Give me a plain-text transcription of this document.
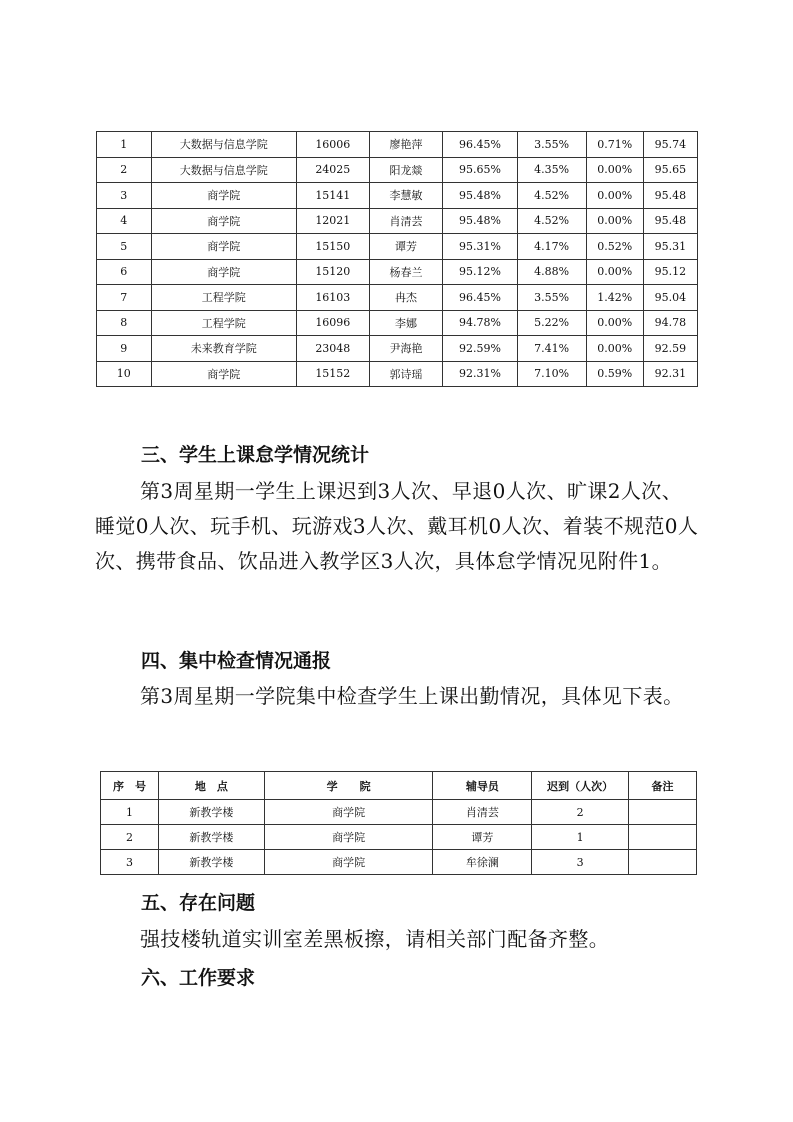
1	大数据与信息学院	16006	廖艳萍	96.45%	3.55%	0.71%	95.74
2	大数据与信息学院	24025	阳龙燚	95.65%	4.35%	0.00%	95.65
3	商学院	15141	李慧敏	95.48%	4.52%	0.00%	95.48
4	商学院	12021	肖清芸	95.48%	4.52%	0.00%	95.48
5	商学院	15150	谭芳	95.31%	4.17%	0.52%	95.31
6	商学院	15120	杨春兰	95.12%	4.88%	0.00%	95.12
7	工程学院	16103	冉杰	96.45%	3.55%	1.42%	95.04
8	工程学院	16096	李娜	94.78%	5.22%	0.00%	94.78
9	未来教育学院	23048	尹海艳	92.59%	7.41%	0.00%	92.59
10	商学院	15152	郭诗瑶	92.31%	7.10%	0.59%	92.31
三、学生上课怠学情况统计

第3周星期一学生上课迟到3人次、早退0人次、旷课2人次、睡觉0人次、玩手机、玩游戏3人次、戴耳机0人次、着装不规范0人次、携带食品、饮品进入教学区3人次，具体怠学情况见附件1。

四、集中检查情况通报

第3周星期一学院集中检查学生上课出勤情况，具体见下表。

序　号	地　点	学　　院	辅导员	迟到（人次）	备注
1	新教学楼	商学院	肖清芸	2	
2	新教学楼	商学院	谭芳	1	
3	新教学楼	商学院	牟徐澜	3	
五、存在问题

强技楼轨道实训室差黑板擦，请相关部门配备齐整。

六、工作要求
